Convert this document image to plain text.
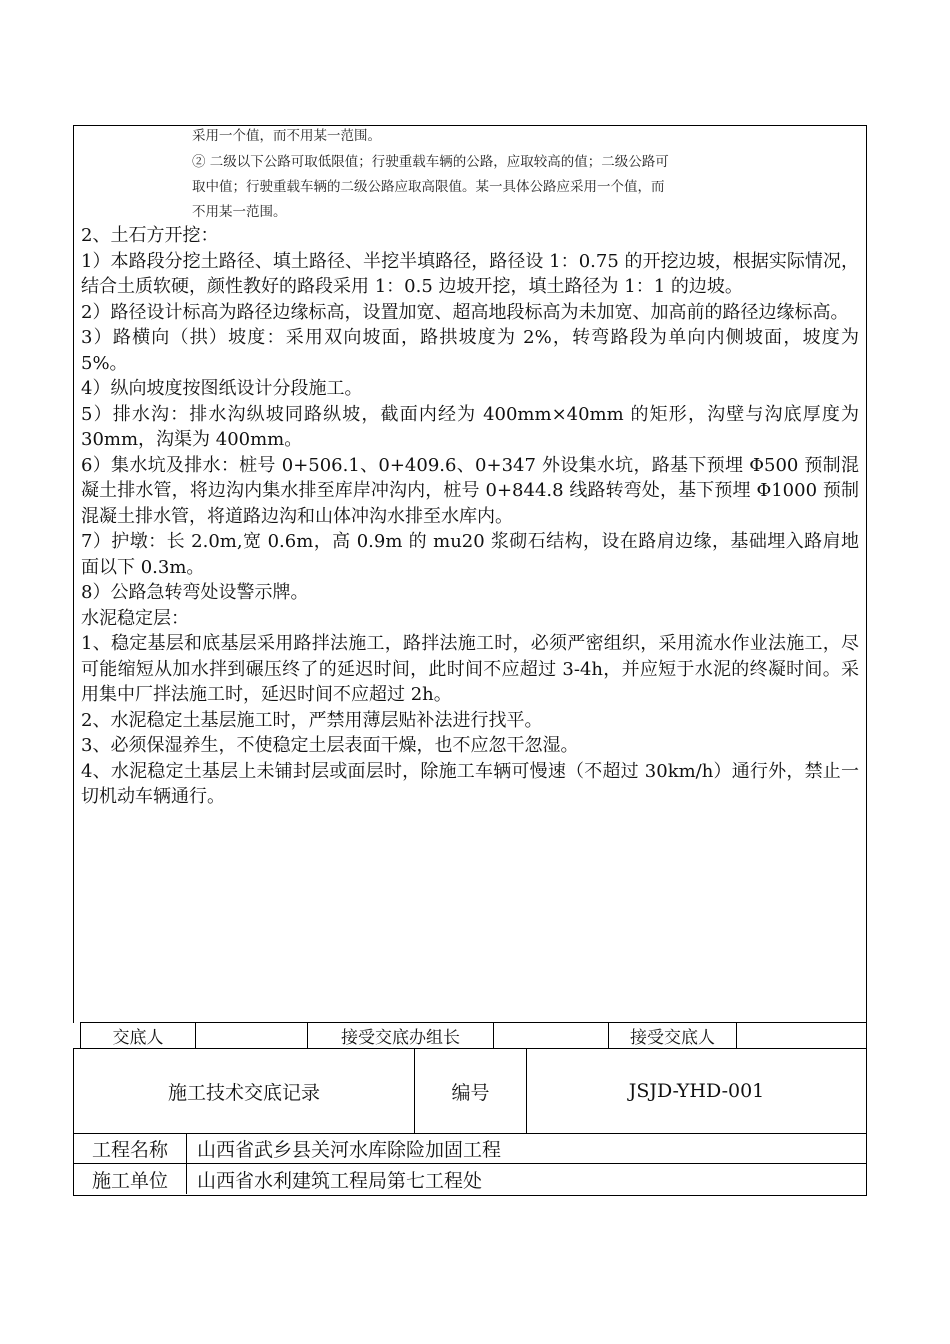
采用一个值，而不用某一范围。
② 二级以下公路可取低限值；行驶重载车辆的公路，应取较高的值；二级公路可
取中值；行驶重载车辆的二级公路应取高限值。某一具体公路应采用一个值，而
不用某一范围。

2、土石方开挖：

1）本路段分挖土路径、填土路径、半挖半填路径，路径设 1：0.75 的开挖边坡，根据实际情况，结合土质软硬，颜性教好的路段采用 1：0.5 边坡开挖，填土路径为 1：1 的边坡。

2）路径设计标高为路径边缘标高，设置加宽、超高地段标高为未加宽、加高前的路径边缘标高。

3）路横向（拱）坡度：采用双向坡面，路拱坡度为 2%，转弯路段为单向内侧坡面，坡度为 5%。

4）纵向坡度按图纸设计分段施工。

5）排水沟：排水沟纵坡同路纵坡，截面内经为 400mm×40mm 的矩形，沟壁与沟底厚度为 30mm，沟渠为 400mm。

6）集水坑及排水：桩号 0+506.1、0+409.6、0+347 外设集水坑，路基下预埋 Φ500 预制混凝土排水管，将边沟内集水排至库岸冲沟内，桩号 0+844.8 线路转弯处，基下预埋 Φ1000 预制混凝土排水管，将道路边沟和山体冲沟水排至水库内。

7）护墩：长 2.0m,宽 0.6m，高 0.9m 的 mu20 浆砌石结构，设在路肩边缘，基础埋入路肩地面以下 0.3m。

8）公路急转弯处设警示牌。

水泥稳定层：

1、稳定基层和底基层采用路拌法施工，路拌法施工时，必须严密组织，采用流水作业法施工，尽可能缩短从加水拌到碾压终了的延迟时间，此时间不应超过 3-4h，并应短于水泥的终凝时间。采用集中厂拌法施工时，延迟时间不应超过 2h。

2、水泥稳定土基层施工时，严禁用薄层贴补法进行找平。

3、必须保湿养生，不使稳定土层表面干燥，也不应忽干忽湿。

4、水泥稳定土基层上未铺封层或面层时，除施工车辆可慢速（不超过 30km/h）通行外，禁止一切机动车辆通行。

交底人	接受交底办组长	接受交底人
施工技术交底记录	编号	JSJD-YHD-001
工程名称	山西省武乡县关河水库除险加固工程
施工单位	山西省水利建筑工程局第七工程处
